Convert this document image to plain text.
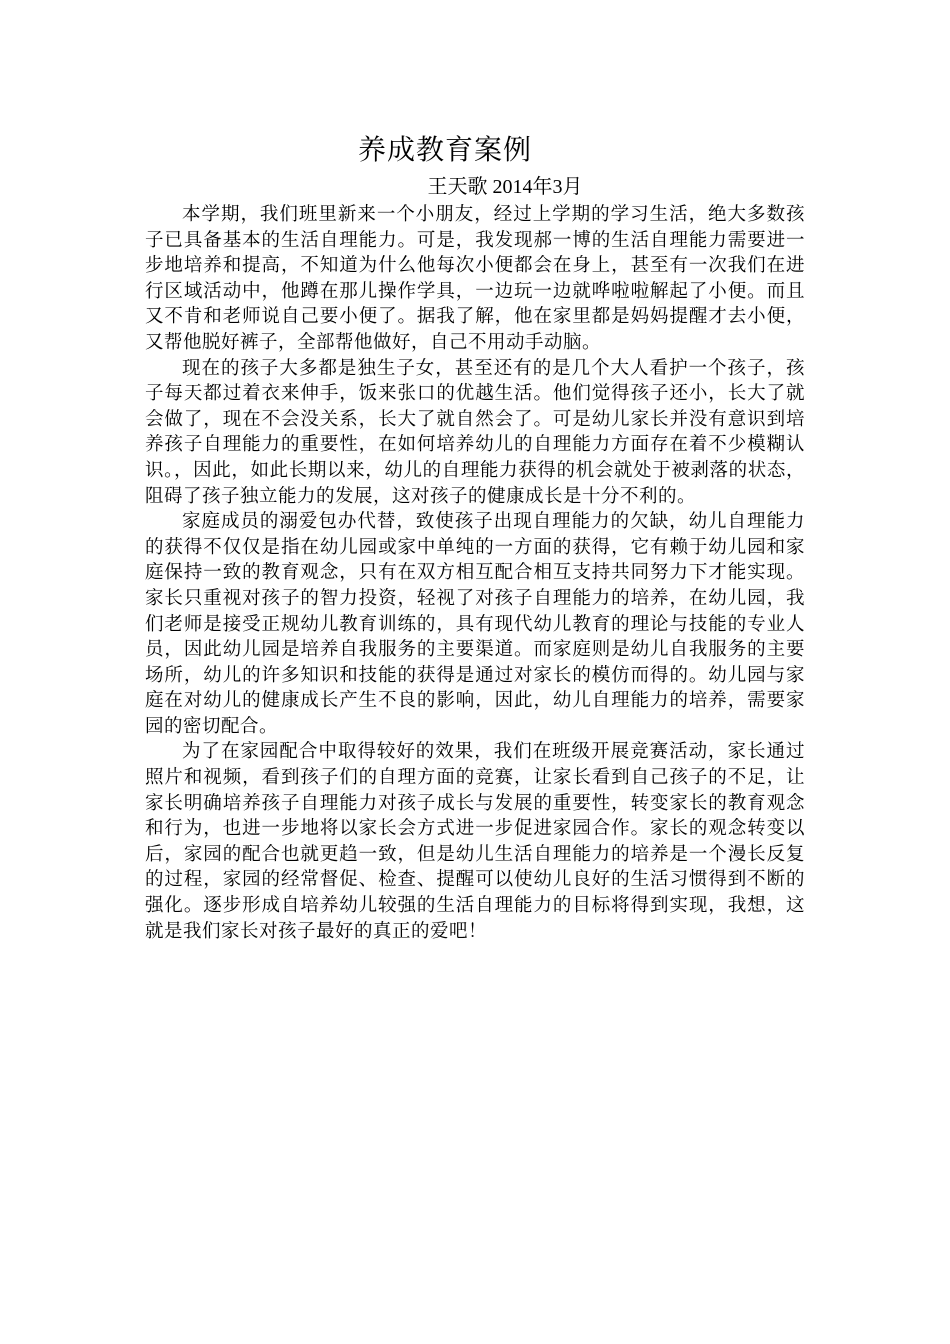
养成教育案例
王天歌 2014年3月

本学期，我们班里新来一个小朋友，经过上学期的学习生活，绝大多数孩子已具备基本的生活自理能力。可是，我发现郝一博的生活自理能力需要进一步地培养和提高，不知道为什么他每次小便都会在身上，甚至有一次我们在进行区域活动中，他蹲在那儿操作学具，一边玩一边就哗啦啦解起了小便。而且又不肯和老师说自己要小便了。据我了解，他在家里都是妈妈提醒才去小便，又帮他脱好裤子，全部帮他做好，自己不用动手动脑。

现在的孩子大多都是独生子女，甚至还有的是几个大人看护一个孩子，孩子每天都过着衣来伸手，饭来张口的优越生活。他们觉得孩子还小，长大了就会做了，现在不会没关系，长大了就自然会了。可是幼儿家长并没有意识到培养孩子自理能力的重要性，在如何培养幼儿的自理能力方面存在着不少模糊认识。，因此，如此长期以来，幼儿的自理能力获得的机会就处于被剥落的状态，阻碍了孩子独立能力的发展，这对孩子的健康成长是十分不利的。

家庭成员的溺爱包办代替，致使孩子出现自理能力的欠缺，幼儿自理能力的获得不仅仅是指在幼儿园或家中单纯的一方面的获得，它有赖于幼儿园和家庭保持一致的教育观念，只有在双方相互配合相互支持共同努力下才能实现。家长只重视对孩子的智力投资，轻视了对孩子自理能力的培养，在幼儿园，我们老师是接受正规幼儿教育训练的，具有现代幼儿教育的理论与技能的专业人员，因此幼儿园是培养自我服务的主要渠道。而家庭则是幼儿自我服务的主要场所，幼儿的许多知识和技能的获得是通过对家长的模仿而得的。幼儿园与家庭在对幼儿的健康成长产生不良的影响，因此，幼儿自理能力的培养，需要家园的密切配合。

为了在家园配合中取得较好的效果，我们在班级开展竞赛活动，家长通过照片和视频，看到孩子们的自理方面的竞赛，让家长看到自己孩子的不足，让家长明确培养孩子自理能力对孩子成长与发展的重要性，转变家长的教育观念和行为，也进一步地将以家长会方式进一步促进家园合作。家长的观念转变以后，家园的配合也就更趋一致，但是幼儿生活自理能力的培养是一个漫长反复的过程，家园的经常督促、检查、提醒可以使幼儿良好的生活习惯得到不断的强化。逐步形成自培养幼儿较强的生活自理能力的目标将得到实现，我想，这就是我们家长对孩子最好的真正的爱吧！
